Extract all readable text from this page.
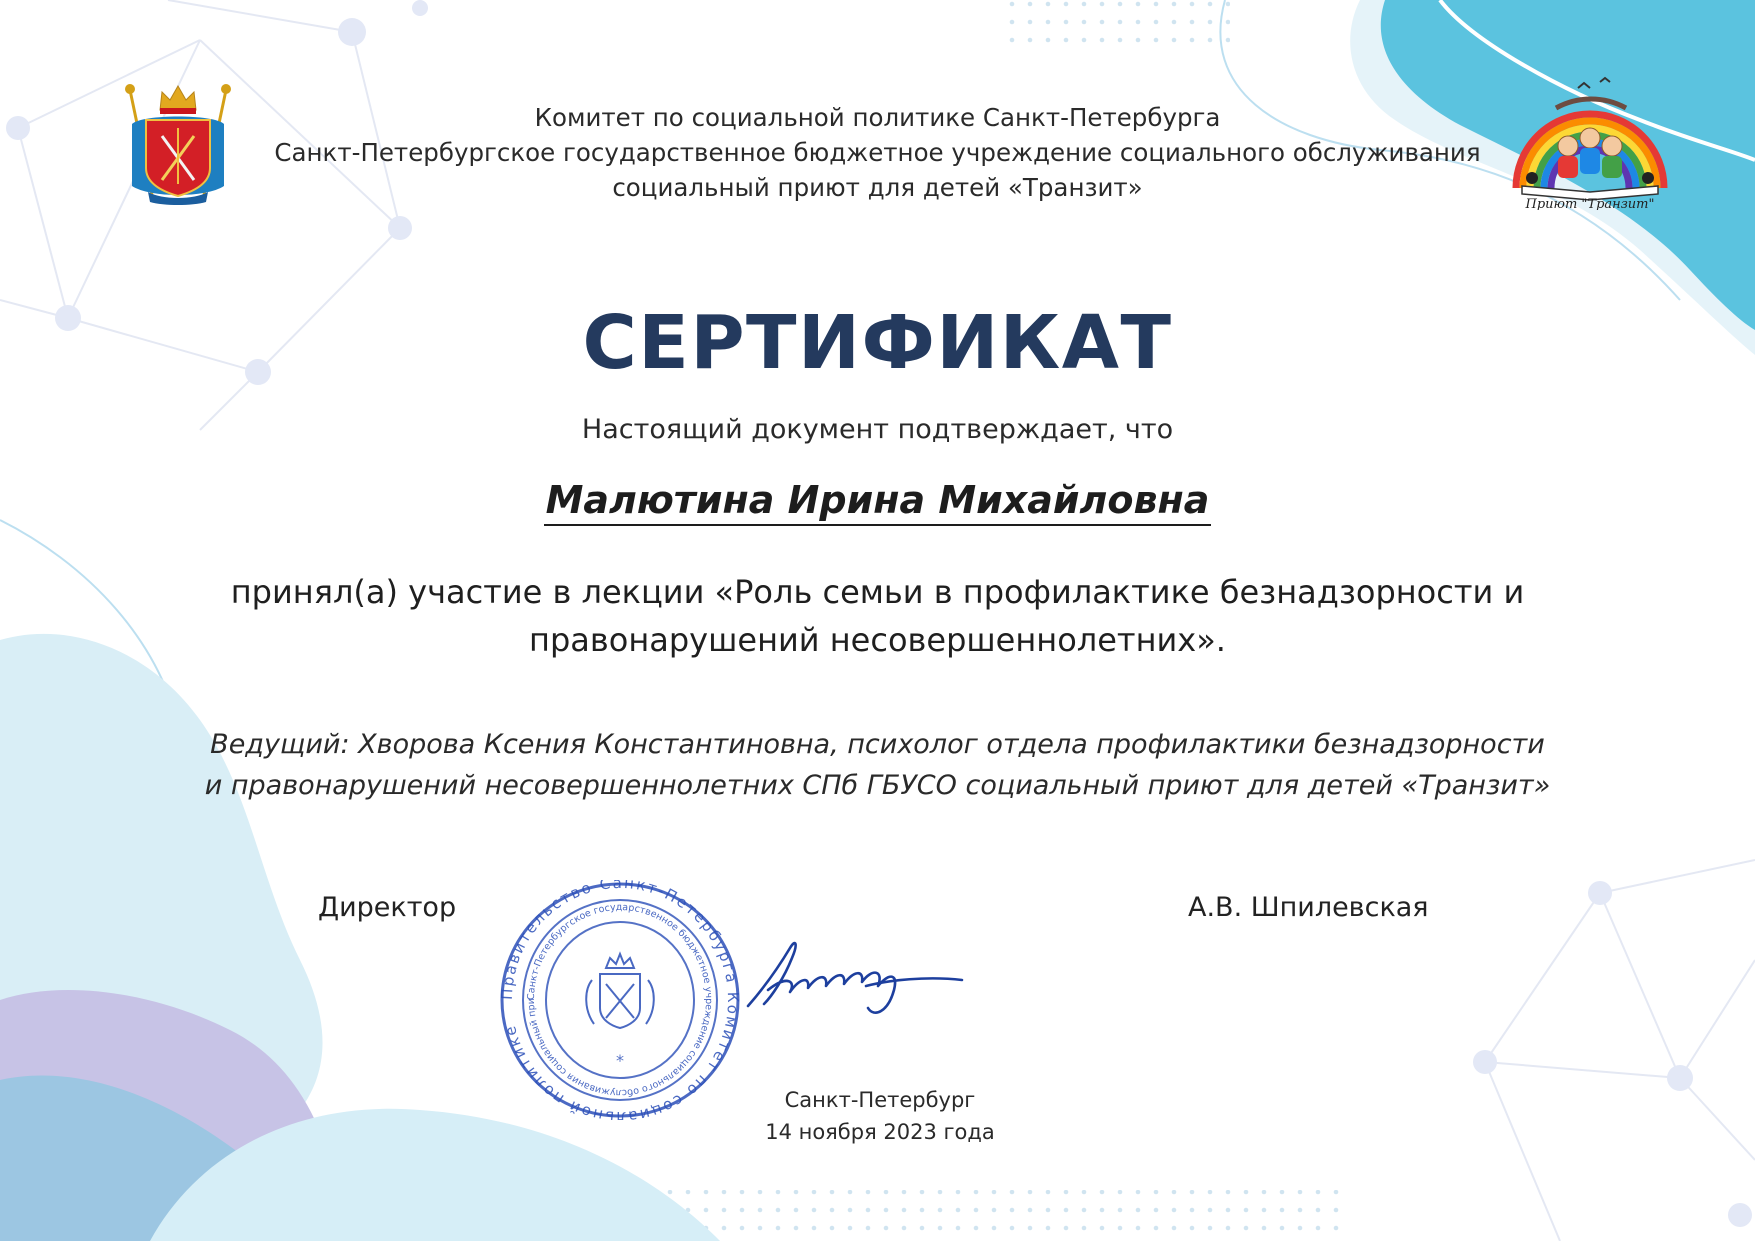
Приют "Транзит"
Комитет по социальной политике Санкт-Петербурга
Санкт-Петербургское государственное бюджетное учреждение социального обслуживания
социальный приют для детей «Транзит»
СЕРТИФИКАТ
Настоящий документ подтверждает, что
Малютина Ирина Михайловна
принял(а) участие в лекции «Роль семьи в профилактике безнадзорности и
правонарушений несовершеннолетних».
Ведущий: Хворова Ксения Константиновна, психолог отдела профилактики безнадзорности
и правонарушений несовершеннолетних СПб ГБУСО социальный приют для детей «Транзит»
Директор	А.В. Шпилевская
Правительство Санкт-Петербурга Комитет по социальной политике
Санкт-Петербургское государственное бюджетное учреждение социального обслуживания социальный при
*
Санкт-Петербург
14 ноября 2023 года
